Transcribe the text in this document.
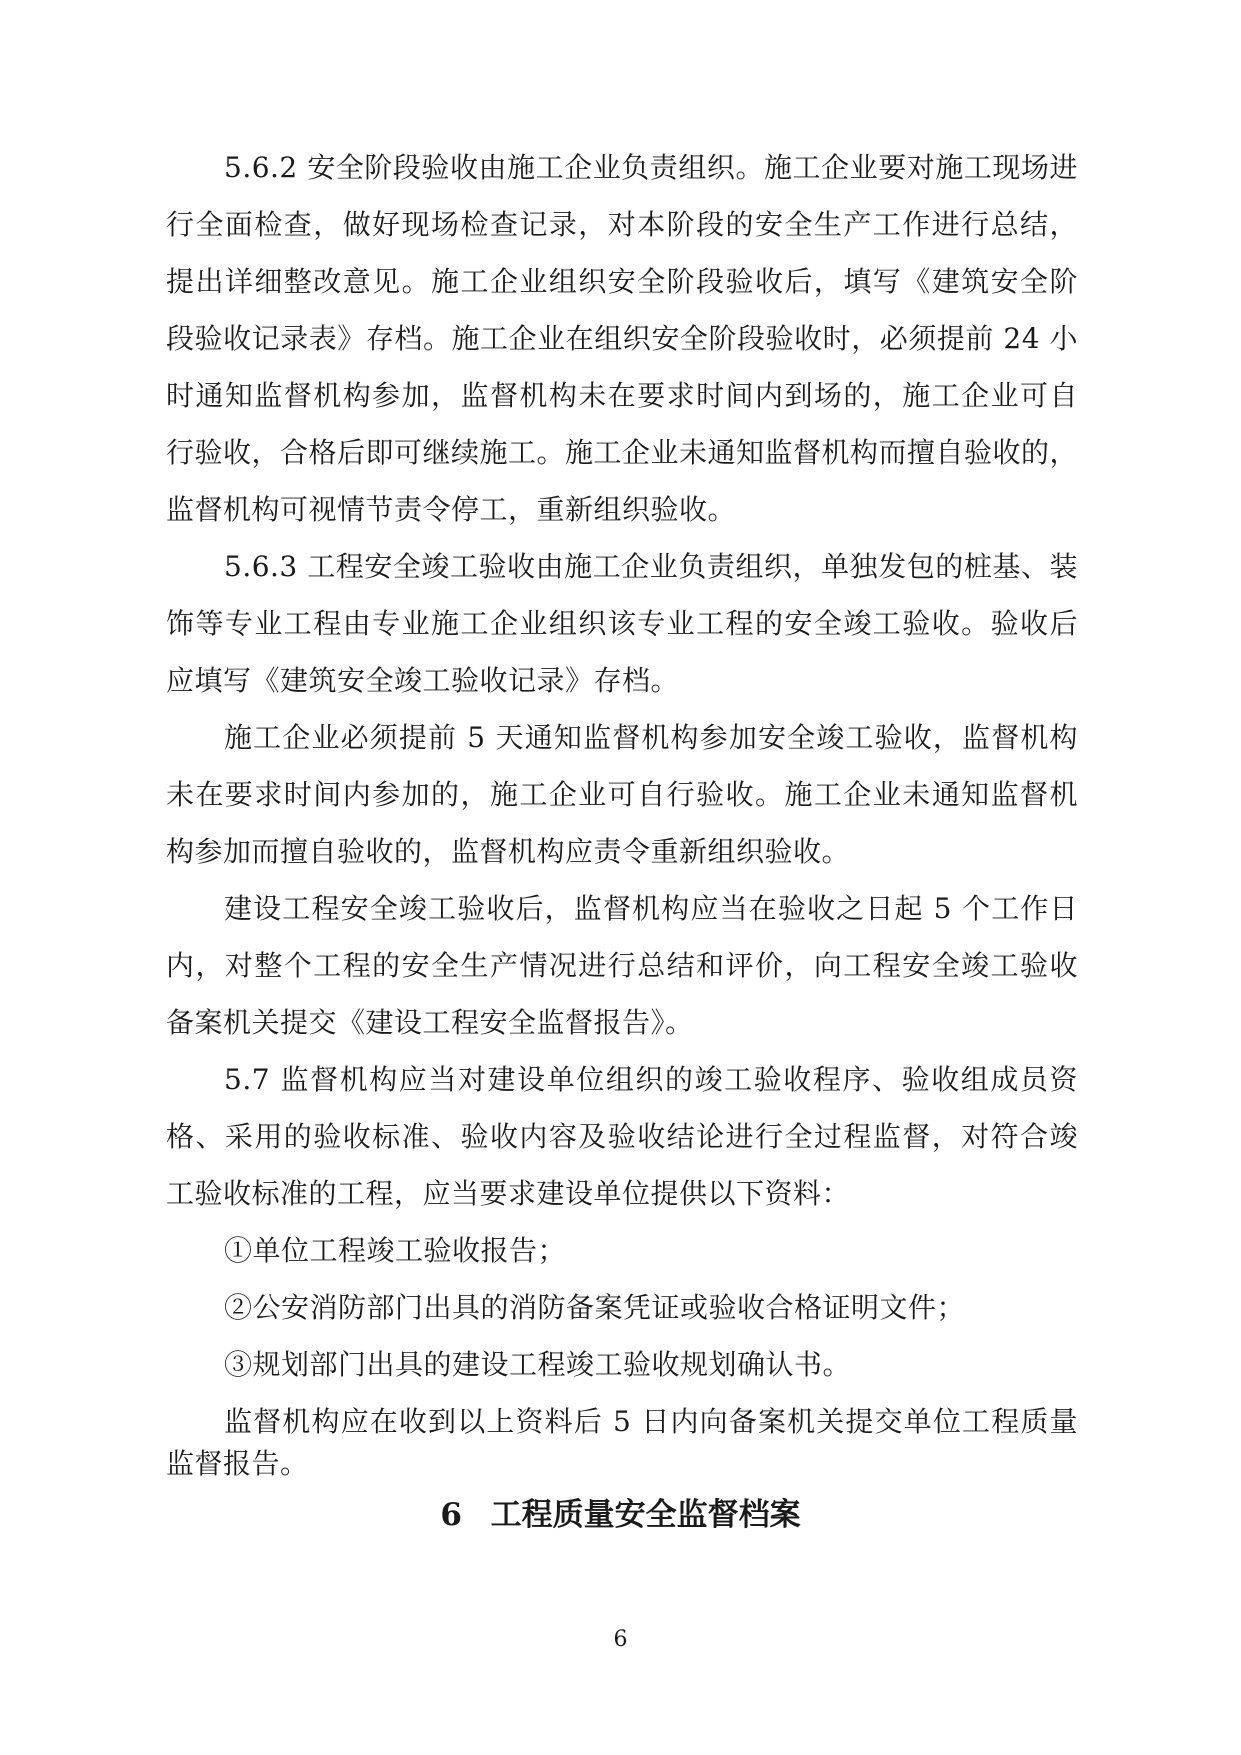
5.6.2 安全阶段验收由施工企业负责组织。施工企业要对施工现场进
行全面检查，做好现场检查记录，对本阶段的安全生产工作进行总结，
提出详细整改意见。施工企业组织安全阶段验收后，填写《建筑安全阶
段验收记录表》存档。施工企业在组织安全阶段验收时，必须提前 24 小
时通知监督机构参加，监督机构未在要求时间内到场的，施工企业可自
行验收，合格后即可继续施工。施工企业未通知监督机构而擅自验收的，
监督机构可视情节责令停工，重新组织验收。
5.6.3 工程安全竣工验收由施工企业负责组织，单独发包的桩基、装
饰等专业工程由专业施工企业组织该专业工程的安全竣工验收。验收后
应填写《建筑安全竣工验收记录》存档。
施工企业必须提前 5 天通知监督机构参加安全竣工验收，监督机构
未在要求时间内参加的，施工企业可自行验收。施工企业未通知监督机
构参加而擅自验收的，监督机构应责令重新组织验收。
建设工程安全竣工验收后，监督机构应当在验收之日起 5 个工作日
内，对整个工程的安全生产情况进行总结和评价，向工程安全竣工验收
备案机关提交《建设工程安全监督报告》。
5.7 监督机构应当对建设单位组织的竣工验收程序、验收组成员资
格、采用的验收标准、验收内容及验收结论进行全过程监督，对符合竣
工验收标准的工程，应当要求建设单位提供以下资料：
①单位工程竣工验收报告；
②公安消防部门出具的消防备案凭证或验收合格证明文件；
③规划部门出具的建设工程竣工验收规划确认书。
监督机构应在收到以上资料后 5 日内向备案机关提交单位工程质量
监督报告。
6 工程质量安全监督档案
6
